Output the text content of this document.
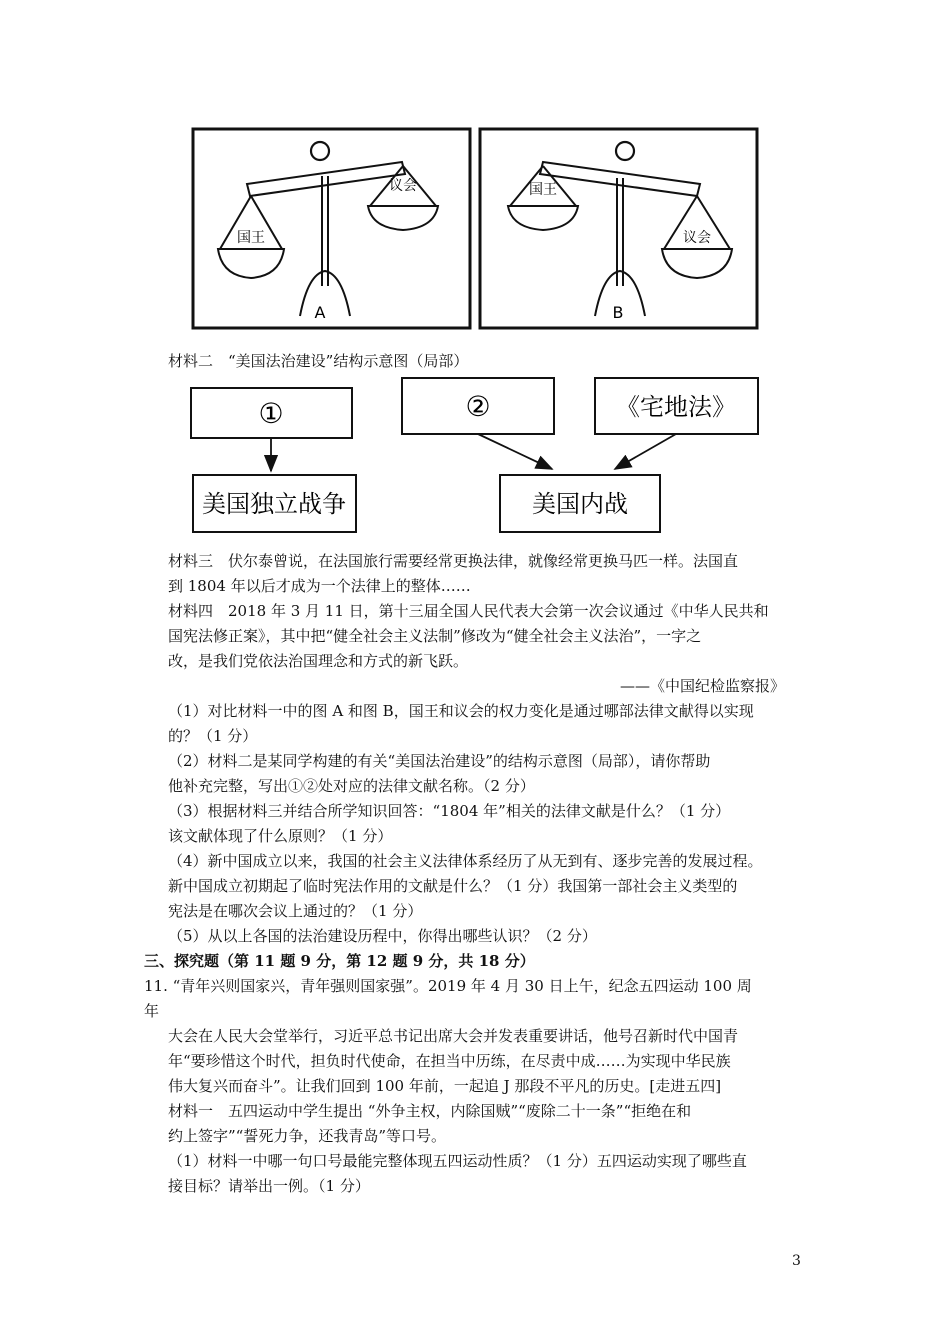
国王
议会
A
国王
议会
B
材料二　“美国法治建设”结构示意图（局部）
①	②	《宅地法》
美国独立战争	美国内战
材料三　伏尔泰曾说，在法国旅行需要经常更换法律，就像经常更换马匹一样。法国直
到 1804 年以后才成为一个法律上的整体……
材料四　2018 年 3 月 11 日，第十三届全国人民代表大会第一次会议通过《中华人民共和
国宪法修正案》，其中把“健全社会主义法制”修改为“健全社会主义法治”，一字之
改，是我们党依法治国理念和方式的新飞跃。
——《中国纪检监察报》
（1）对比材料一中的图 A 和图 B，国王和议会的权力变化是通过哪部法律文献得以实现
的？（1 分）
（2）材料二是某同学构建的有关“美国法治建设”的结构示意图（局部），请你帮助
他补充完整，写出①②处对应的法律文献名称。（2 分）
（3）根据材料三并结合所学知识回答：“1804 年”相关的法律文献是什么？（1 分）
该文献体现了什么原则？（1 分）
（4）新中国成立以来，我国的社会主义法律体系经历了从无到有、逐步完善的发展过程。
新中国成立初期起了临时宪法作用的文献是什么？（1 分）我国第一部社会主义类型的
宪法是在哪次会议上通过的？（1 分）
（5）从以上各国的法治建设历程中，你得出哪些认识？（2 分）
三、探究题（第 11 题 9 分，第 12 题 9 分，共 18 分）
11. “青年兴则国家兴，青年强则国家强”。2019 年 4 月 30 日上午，纪念五四运动 100 周
年
大会在人民大会堂举行，习近平总书记出席大会并发表重要讲话，他号召新时代中国青
年“要珍惜这个时代，担负时代使命，在担当中历练，在尽责中成……为实现中华民族
伟大复兴而奋斗”。让我们回到 100 年前，一起追 J 那段不平凡的历史。[走进五四]
材料一　五四运动中学生提出 “外争主权，内除国贼”“废除二十一条”“拒绝在和
约上签字”“誓死力争，还我青岛”等口号。
（1）材料一中哪一句口号最能完整体现五四运动性质？（1 分）五四运动实现了哪些直
接目标？请举出一例。（1 分）
3
